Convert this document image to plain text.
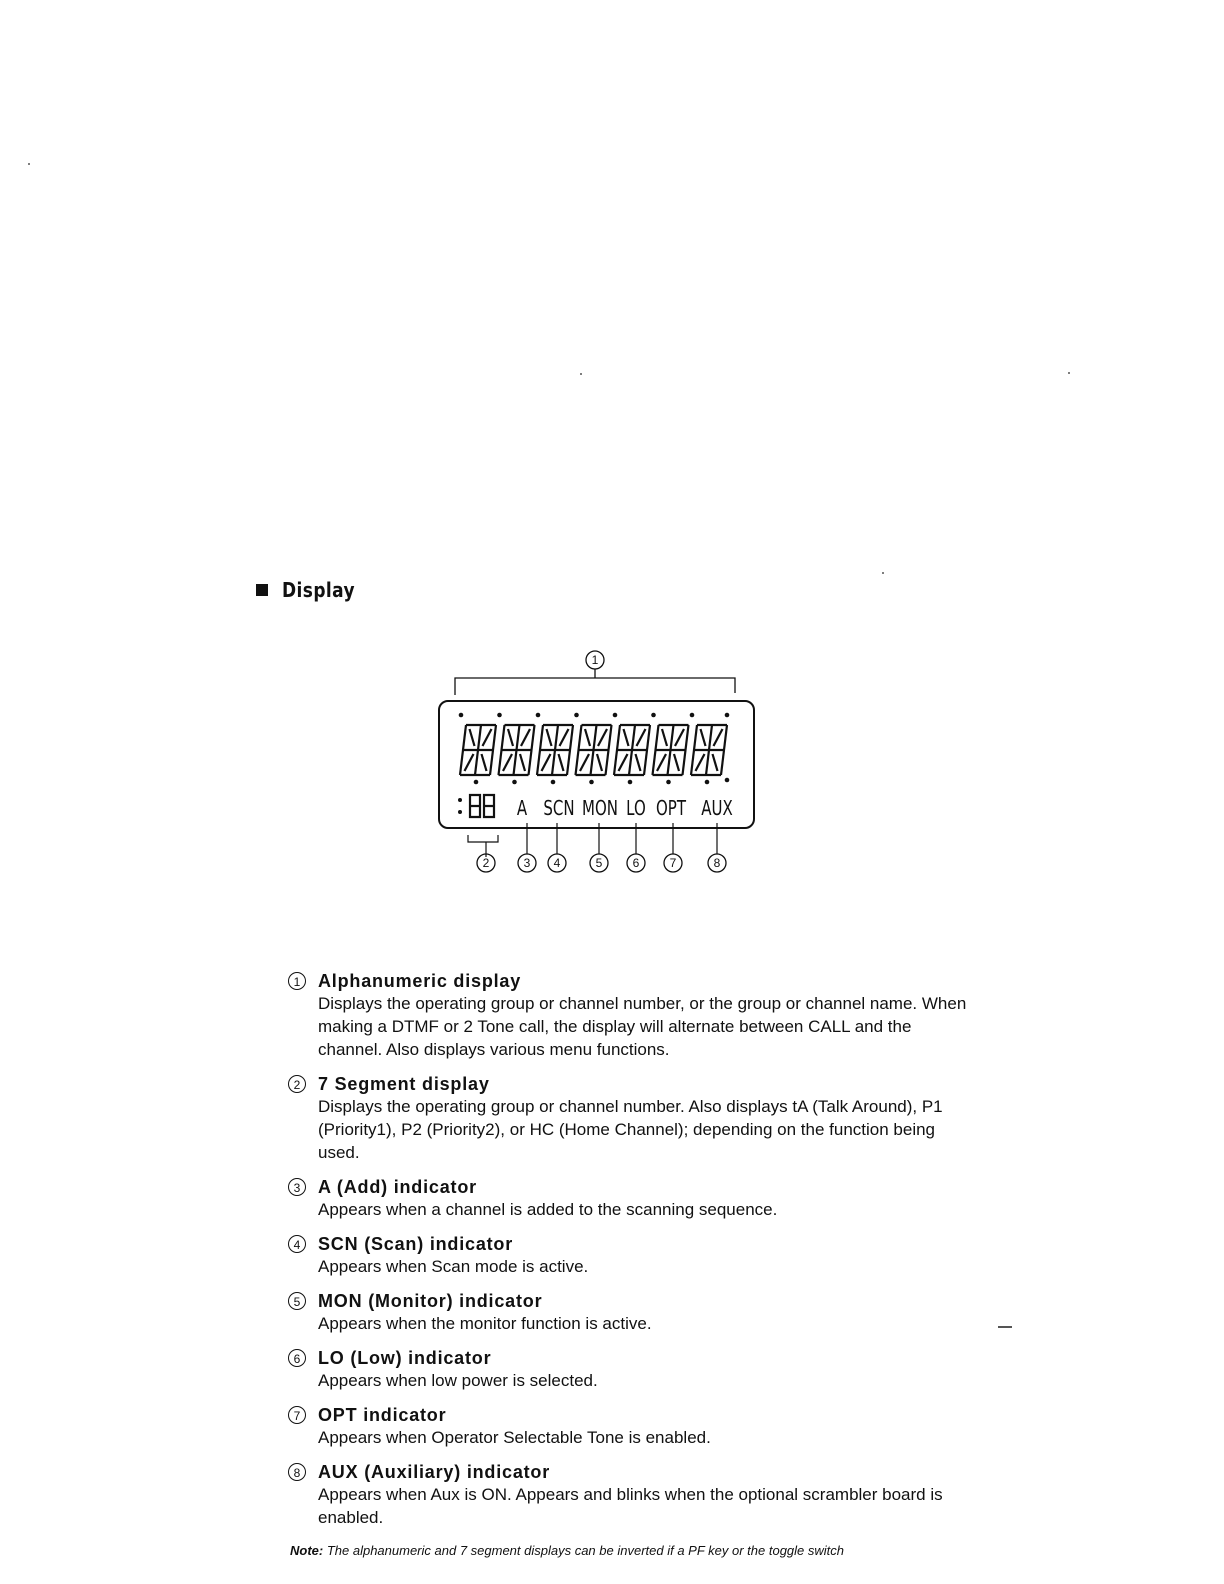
Display
1
A SCN MON LO OPT AUX
2	3 4	5	6	7	8
1 Alphanumeric display
Displays the operating group or channel number, or the group or channel name. When making a DTMF or 2 Tone call, the display will alternate between CALL and the channel. Also displays various menu functions.
2 7 Segment display
Displays the operating group or channel number. Also displays tA (Talk Around), P1 (Priority1), P2 (Priority2), or HC (Home Channel); depending on the function being used.
3 A (Add) indicator
Appears when a channel is added to the scanning sequence.
4 SCN (Scan) indicator
Appears when Scan mode is active.
5 MON (Monitor) indicator
Appears when the monitor function is active.
6 LO (Low) indicator
Appears when low power is selected.
7 OPT indicator
Appears when Operator Selectable Tone is enabled.
8 AUX (Auxiliary) indicator
Appears when Aux is ON. Appears and blinks when the optional scrambler board is enabled.
Note: The alphanumeric and 7 segment displays can be inverted if a PF key or the toggle switch
